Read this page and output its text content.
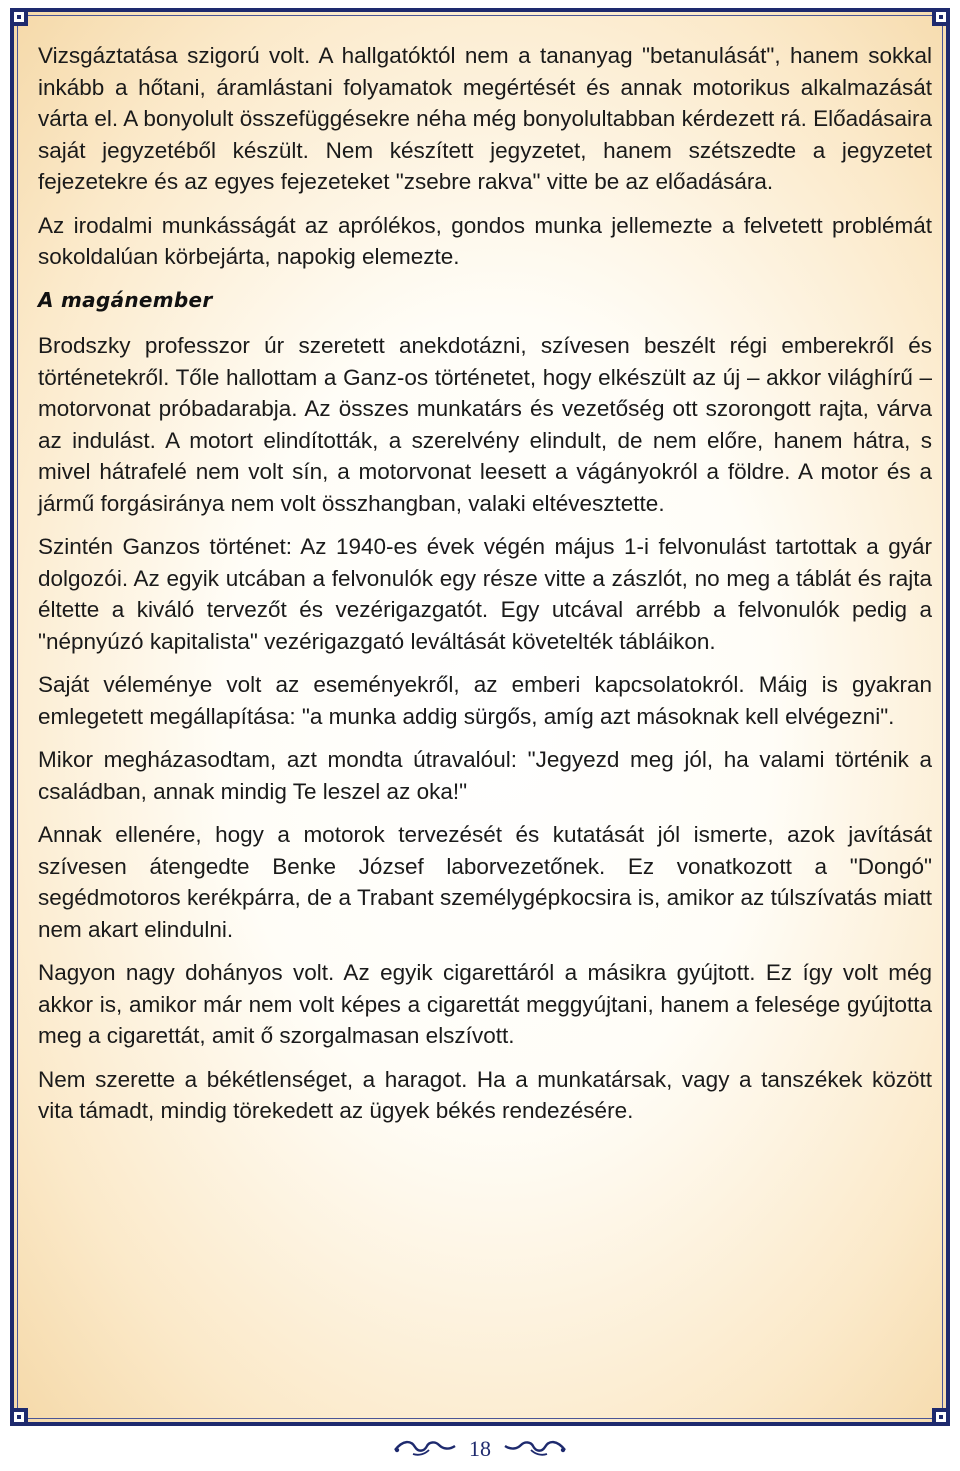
Vizsgáztatása szigorú volt. A hallgatóktól nem a tananyag "betanulását", hanem sokkal inkább a hőtani, áramlástani folyamatok megértését és annak motorikus alkalmazását várta el. A bonyolult összefüggésekre néha még bonyolultabban kérdezett rá. Előadásaira saját jegyzetéből készült. Nem készített jegyzetet, hanem szétszedte a jegyzetet fejezetekre és az egyes fejezeteket "zsebre rakva" vitte be az előadására.

Az irodalmi munkásságát az aprólékos, gondos munka jellemezte a felvetett problémát sokoldalúan körbejárta, napokig elemezte.

A magánember

Brodszky professzor úr szeretett anekdotázni, szívesen beszélt régi emberekről és történetekről. Tőle hallottam a Ganz-os történetet, hogy elkészült az új – akkor világhírű – motorvonat próbadarabja. Az összes munkatárs és vezetőség ott szorongott rajta, várva az indulást. A motort elindították, a szerelvény elindult, de nem előre, hanem hátra, s mivel hátrafelé nem volt sín, a motorvonat leesett a vágányokról a földre. A motor és a jármű forgásiránya nem volt összhangban, valaki eltévesztette.

Szintén Ganzos történet: Az 1940-es évek végén május 1-i felvonulást tartottak a gyár dolgozói. Az egyik utcában a felvonulók egy része vitte a zászlót, no meg a táblát és rajta éltette a kiváló tervezőt és vezérigazgatót. Egy utcával arrébb a felvonulók pedig a "népnyúzó kapitalista" vezérigazgató leváltását követelték tábláikon.

Saját véleménye volt az eseményekről, az emberi kapcsolatokról. Máig is gyakran emlegetett megállapítása: "a munka addig sürgős, amíg azt másoknak kell elvégezni".

Mikor megházasodtam, azt mondta útravalóul: "Jegyezd meg jól, ha valami történik a családban, annak mindig Te leszel az oka!"

Annak ellenére, hogy a motorok tervezését és kutatását jól ismerte, azok javítását szívesen átengedte Benke József laborvezetőnek. Ez vonatkozott a "Dongó" segédmotoros kerékpárra, de a Trabant személygépkocsira is, amikor az túlszívatás miatt nem akart elindulni.

Nagyon nagy dohányos volt. Az egyik cigarettáról a másikra gyújtott. Ez így volt még akkor is, amikor már nem volt képes a cigarettát meggyújtani, hanem a felesége gyújtotta meg a cigarettát, amit ő szorgalmasan elszívott.

Nem szerette a békétlenséget, a haragot. Ha a munkatársak, vagy a tanszékek között vita támadt, mindig törekedett az ügyek békés rendezésére.

18
